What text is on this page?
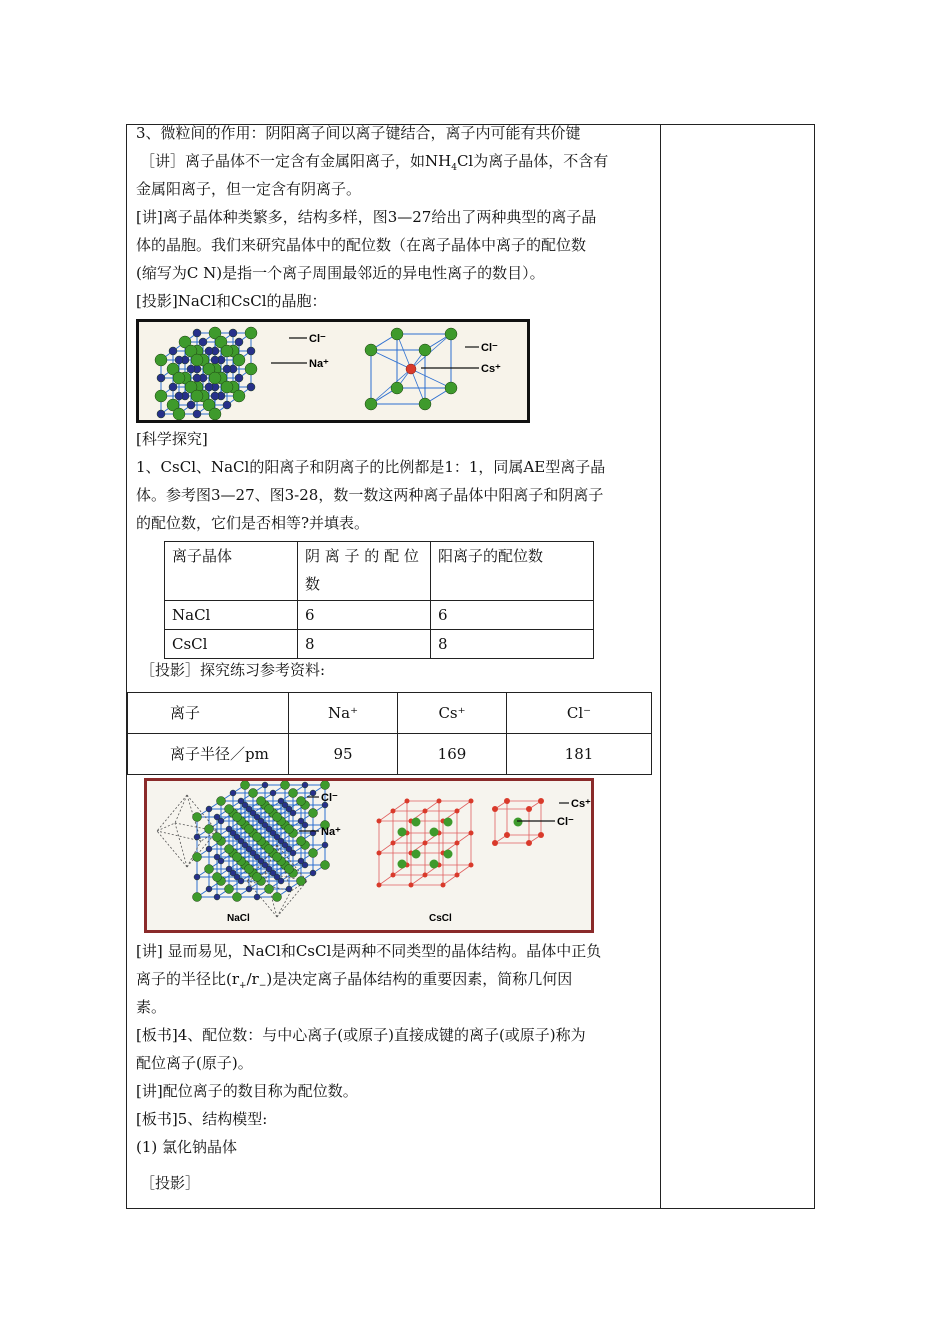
3、微粒间的作用：阴阳离子间以离子键结合，离子内可能有共价键
［讲］离子晶体不一定含有金属阳离子，如$NH_4Cl$为离子晶体，不含有
金属阳离子，但一定含有阴离子。
[讲]离子晶体种类繁多，结构多样，图3—27给出了两种典型的离子晶
体的晶胞。我们来研究晶体中的配位数（在离子晶体中离子的配位数
(缩写为C N)是指一个离子周围最邻近的异电性离子的数目）。
[投影]NaCl和CsCl的晶胞：
Cl⁻
Na⁺
Cl⁻
Cs⁺
[科学探究]
1、CsCl、NaCl的阳离子和阴离子的比例都是1：1，同属AE型离子晶
体。参考图3—27、图3-28，数一数这两种离子晶体中阳离子和阴离子
的配位数，它们是否相等?并填表。
离子晶体	阴 离 子 的 配 位
数	阳离子的配位数
NaCl	6	6
CsCl	8	8
［投影］探究练习参考资料:
离子	Na⁺	Cs⁺	Cl⁻
离子半径／pm	95	169	181
Cl⁻
Na⁺
Cs⁺
Cl⁻
NaCl	CsCl
[讲] 显而易见，NaCl和CsCl是两种不同类型的晶体结构。晶体中正负
离子的半径比$(r_+/r_-)$是决定离子晶体结构的重要因素，简称几何因
素。
[板书]4、配位数：与中心离子(或原子)直接成键的离子(或原子)称为
配位离子(原子)。
[讲]配位离子的数目称为配位数。
[板书]5、结构模型:
(1) 氯化钠晶体
［投影］
